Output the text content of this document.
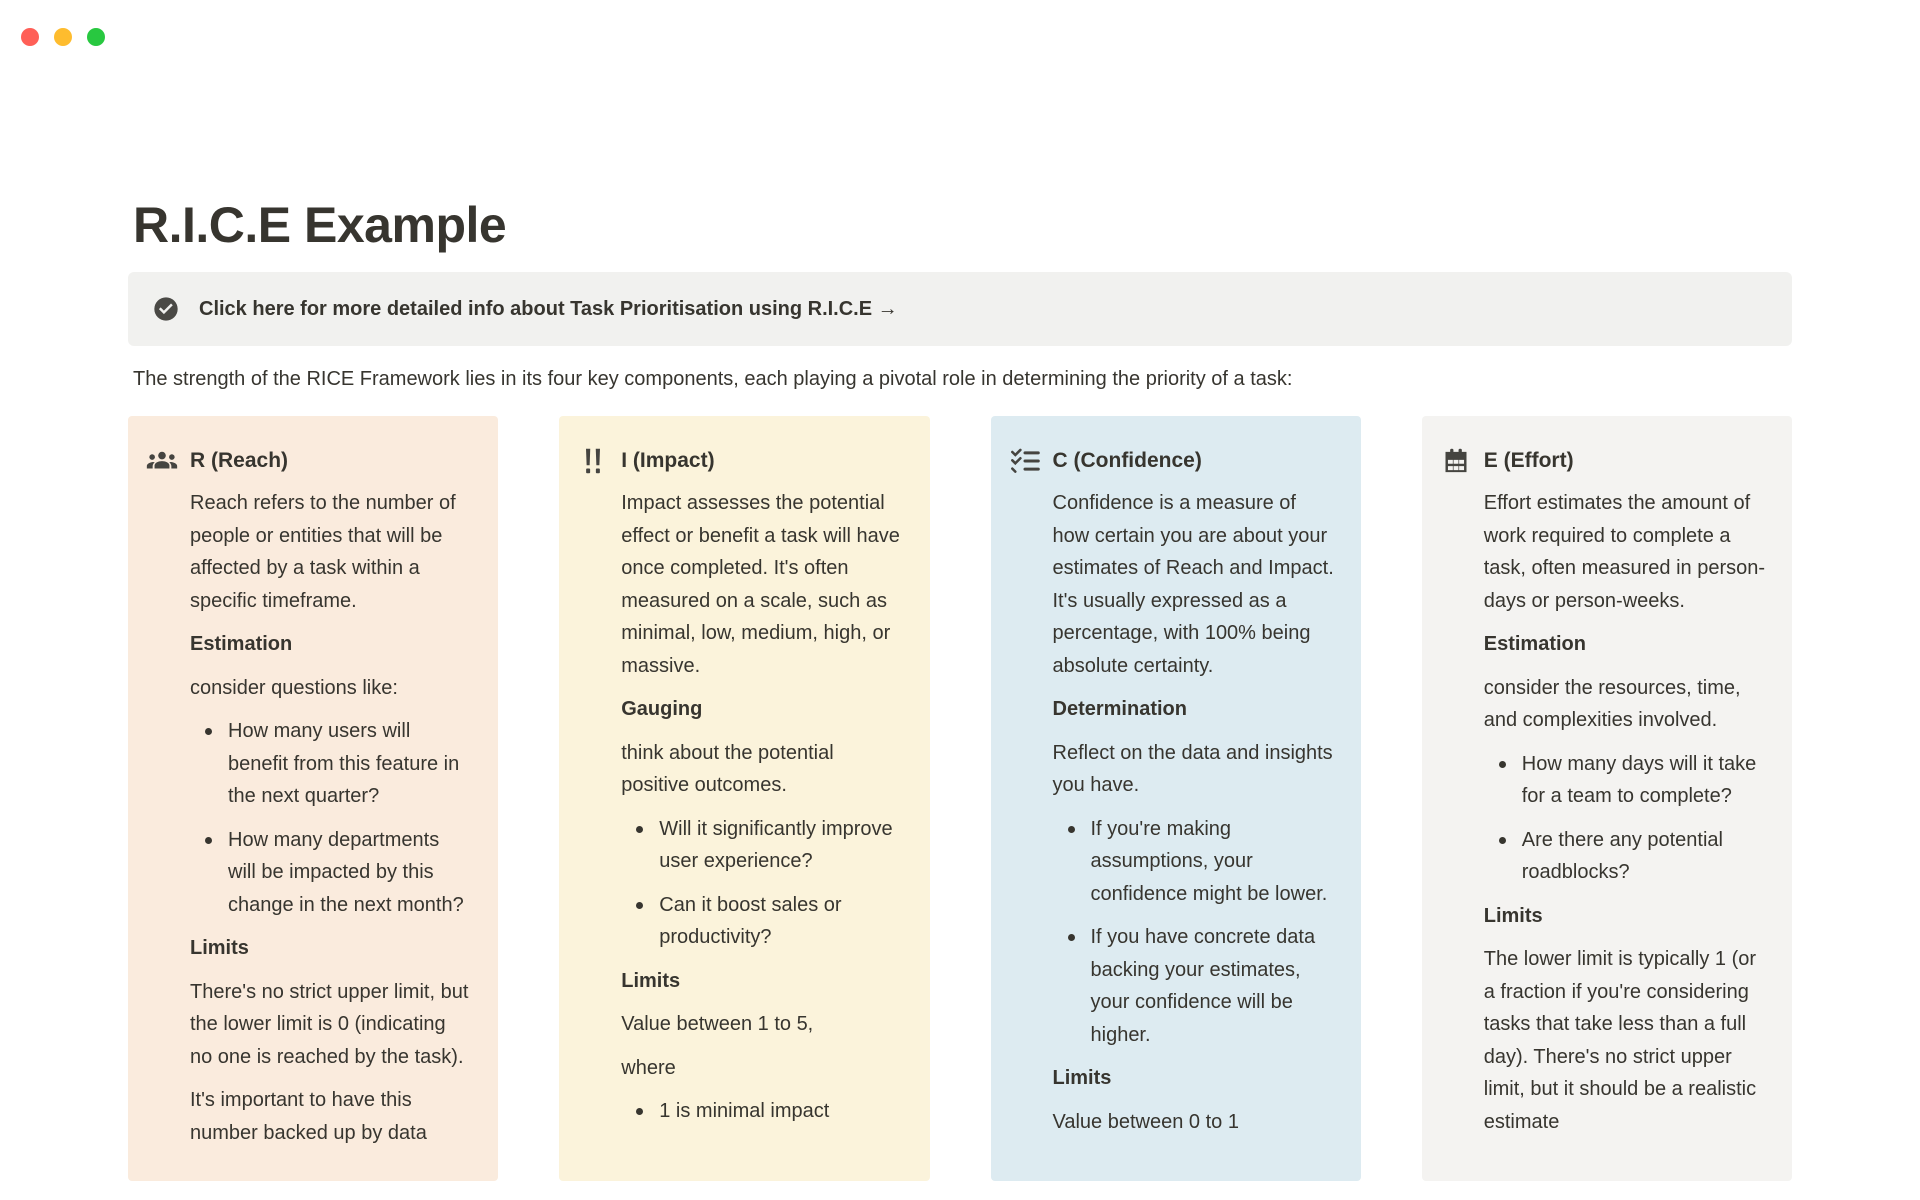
R.I.C.E Example
Click here for more detailed info about Task Prioritisation using R.I.C.E →

The strength of the RICE Framework lies in its four key components, each playing a pivotal role in determining the priority of a task:

R (Reach)
Reach refers to the number of people or entities that will be affected by a task within a specific timeframe.
Estimation
consider questions like:
How many users will benefit from this feature in the next quarter?
How many departments will be impacted by this change in the next month?
Limits
There's no strict upper limit, but the lower limit is 0 (indicating no one is reached by the task).
It's important to have this number backed up by data
I (Impact)
Impact assesses the potential effect or benefit a task will have once completed. It's often measured on a scale, such as minimal, low, medium, high, or massive.
Gauging
think about the potential positive outcomes.
Will it significantly improve user experience?
Can it boost sales or productivity?
Limits
Value between 1 to 5,
where
1 is minimal impact
C (Confidence)
Confidence is a measure of how certain you are about your estimates of Reach and Impact. It's usually expressed as a percentage, with 100% being absolute certainty.
Determination
Reflect on the data and insights you have.
If you're making assumptions, your confidence might be lower.
If you have concrete data backing your estimates, your confidence will be higher.
Limits
Value between 0 to 1
E (Effort)
Effort estimates the amount of work required to complete a task, often measured in person-days or person-weeks.
Estimation
consider the resources, time, and complexities involved.
How many days will it take for a team to complete?
Are there any potential roadblocks?
Limits
The lower limit is typically 1 (or a fraction if you're considering tasks that take less than a full day). There's no strict upper limit, but it should be a realistic estimate
